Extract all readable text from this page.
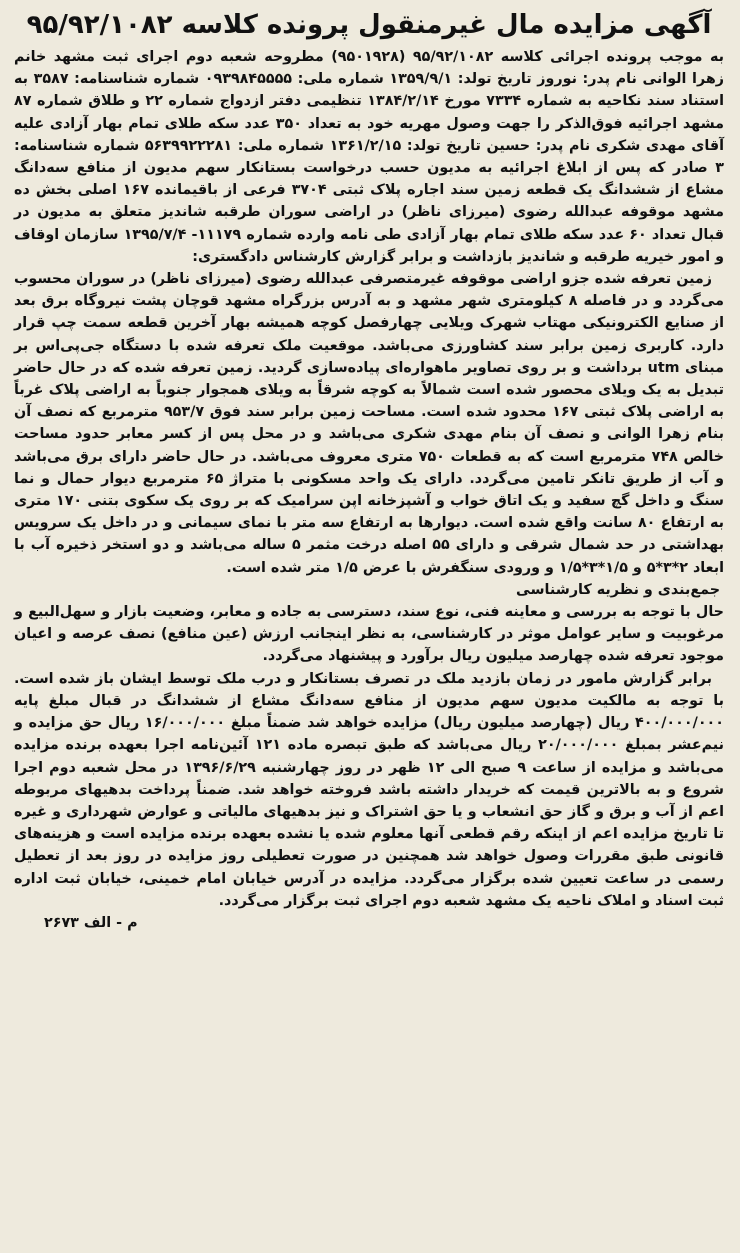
آگهی مزایده مال غیرمنقول پرونده کلاسه ۹۵/۹۲/۱۰۸۲

به موجب پرونده اجرائی کلاسه ۹۵/۹۲/۱۰۸۲ (۹۵۰۱۹۲۸) مطروحه شعبه دوم اجرای ثبت مشهد خانم زهرا الوانی نام پدر: نوروز تاریخ تولد: ۱۳۵۹/۹/۱ شماره ملی: ۰۹۳۹۸۴۵۵۵۵ شماره شناسنامه: ۳۵۸۷ به استناد سند نکاحیه به شماره ۷۳۳۴ مورخ ۱۳۸۴/۲/۱۴ تنظیمی دفتر ازدواج شماره ۲۲ و طلاق شماره ۸۷ مشهد اجرائیه فوق‌الذکر را جهت وصول مهریه خود به تعداد ۳۵۰ عدد سکه طلای تمام بهار آزادی علیه آقای مهدی شکری نام پدر: حسین تاریخ تولد: ۱۳۶۱/۲/۱۵ شماره ملی: ۵۶۳۹۹۲۲۲۸۱ شماره شناسنامه: ۳ صادر که پس از ابلاغ اجرائیه به مدیون حسب درخواست بستانکار سهم مدیون از منافع سه‌دانگ مشاع از ششدانگ یک قطعه زمین سند اجاره پلاک ثبتی ۳۷۰۴ فرعی از باقیمانده ۱۶۷ اصلی بخش ده مشهد موقوفه عبدالله رضوی (میرزای ناظر) در اراضی سوران طرقبه شاندیز متعلق به مدیون در قبال تعداد ۶۰ عدد سکه طلای تمام بهار آزادی طی نامه وارده شماره ۱۱۱۷۹- ۱۳۹۵/۷/۴ سازمان اوقاف و امور خیریه طرقبه و شاندیز بازداشت و برابر گزارش کارشناس دادگستری:

زمین تعرفه شده جزو اراضی موقوفه غیرمتصرفی عبدالله رضوی (میرزای ناظر) در سوران محسوب می‌گردد و در فاصله ۸ کیلومتری شهر مشهد و به آدرس بزرگراه مشهد قوچان پشت نیروگاه برق بعد از صنایع الکترونیکی مهتاب شهرک ویلایی چهارفصل کوچه همیشه بهار آخرین قطعه سمت چپ قرار دارد. کاربری زمین برابر سند کشاورزی می‌باشد. موقعیت ملک تعرفه شده با دستگاه جی‌پی‌اس بر مبنای utm برداشت و بر روی تصاویر ماهواره‌ای پیاده‌سازی گردید. زمین تعرفه شده که در حال حاضر تبدیل به یک ویلای محصور شده است شمالاً به کوچه شرقاً به ویلای همجوار جنوباً به اراضی پلاک غرباً به اراضی پلاک ثبتی ۱۶۷ محدود شده است. مساحت زمین برابر سند فوق ۹۵۳/۷ مترمربع که نصف آن بنام زهرا الوانی و نصف آن بنام مهدی شکری می‌باشد و در محل پس از کسر معابر حدود مساحت خالص ۷۴۸ مترمربع است که به قطعات ۷۵۰ متری معروف می‌باشد. در حال حاضر دارای برق می‌باشد و آب از طریق تانکر تامین می‌گردد. دارای یک واحد مسکونی با متراژ ۶۵ مترمربع دیوار حمال و نما سنگ و داخل گچ سفید و یک اتاق خواب و آشپزخانه اپن سرامیک که بر روی یک سکوی بتنی ۱۷۰ متری به ارتفاع ۸۰ سانت واقع شده است. دیوارها به ارتفاع سه متر با نمای سیمانی و در داخل یک سرویس بهداشتی در حد شمال شرقی و دارای ۵۵ اصله درخت مثمر ۵ ساله می‌باشد و دو استخر ذخیره آب با ابعاد ۲*۳*۵ و ۱/۵*۳*۱/۵ و ورودی سنگفرش با عرض ۱/۵ متر شده است.

جمع‌بندی و نظریه کارشناسی

حال با توجه به بررسی و معاینه فنی، نوع سند، دسترسی به جاده و معابر، وضعیت بازار و سهل‌البیع و مرغوبیت و سایر عوامل موثر در کارشناسی، به نظر اینجانب ارزش (عین منافع) نصف عرصه و اعیان موجود تعرفه شده چهارصد میلیون ریال برآورد و پیشنهاد می‌گردد.

برابر گزارش مامور در زمان بازدید ملک در تصرف بستانکار و درب ملک توسط ایشان باز شده است. با توجه به مالکیت مدیون سهم مدیون از منافع سه‌دانگ مشاع از ششدانگ در قبال مبلغ پایه ۴۰۰/۰۰۰/۰۰۰ ریال (چهارصد میلیون ریال) مزایده خواهد شد ضمناً مبلغ ۱۶/۰۰۰/۰۰۰ ریال حق مزایده و نیم‌عشر بمبلغ ۲۰/۰۰۰/۰۰۰ ریال می‌باشد که طبق تبصره ماده ۱۲۱ آئین‌نامه اجرا بعهده برنده مزایده می‌باشد و مزایده از ساعت ۹ صبح الی ۱۲ ظهر در روز چهارشنبه ۱۳۹۶/۶/۲۹ در محل شعبه دوم اجرا شروع و به بالاترین قیمت که خریدار داشته باشد فروخته خواهد شد. ضمناً پرداخت بدهیهای مربوطه اعم از آب و برق و گاز حق انشعاب و یا حق اشتراک و نیز بدهیهای مالیاتی و عوارض شهرداری و غیره تا تاریخ مزایده اعم از اینکه رقم قطعی آنها معلوم شده یا نشده بعهده برنده مزایده است و هزینه‌های قانونی طبق مقررات وصول خواهد شد همچنین در صورت تعطیلی روز مزایده در روز بعد از تعطیل رسمی در ساعت تعیین شده برگزار می‌گردد. مزایده در آدرس خیابان امام خمینی، خیابان ثبت اداره ثبت اسناد و املاک ناحیه یک مشهد شعبه دوم اجرای ثبت برگزار می‌گردد.

م - الف ۲۶۷۳
